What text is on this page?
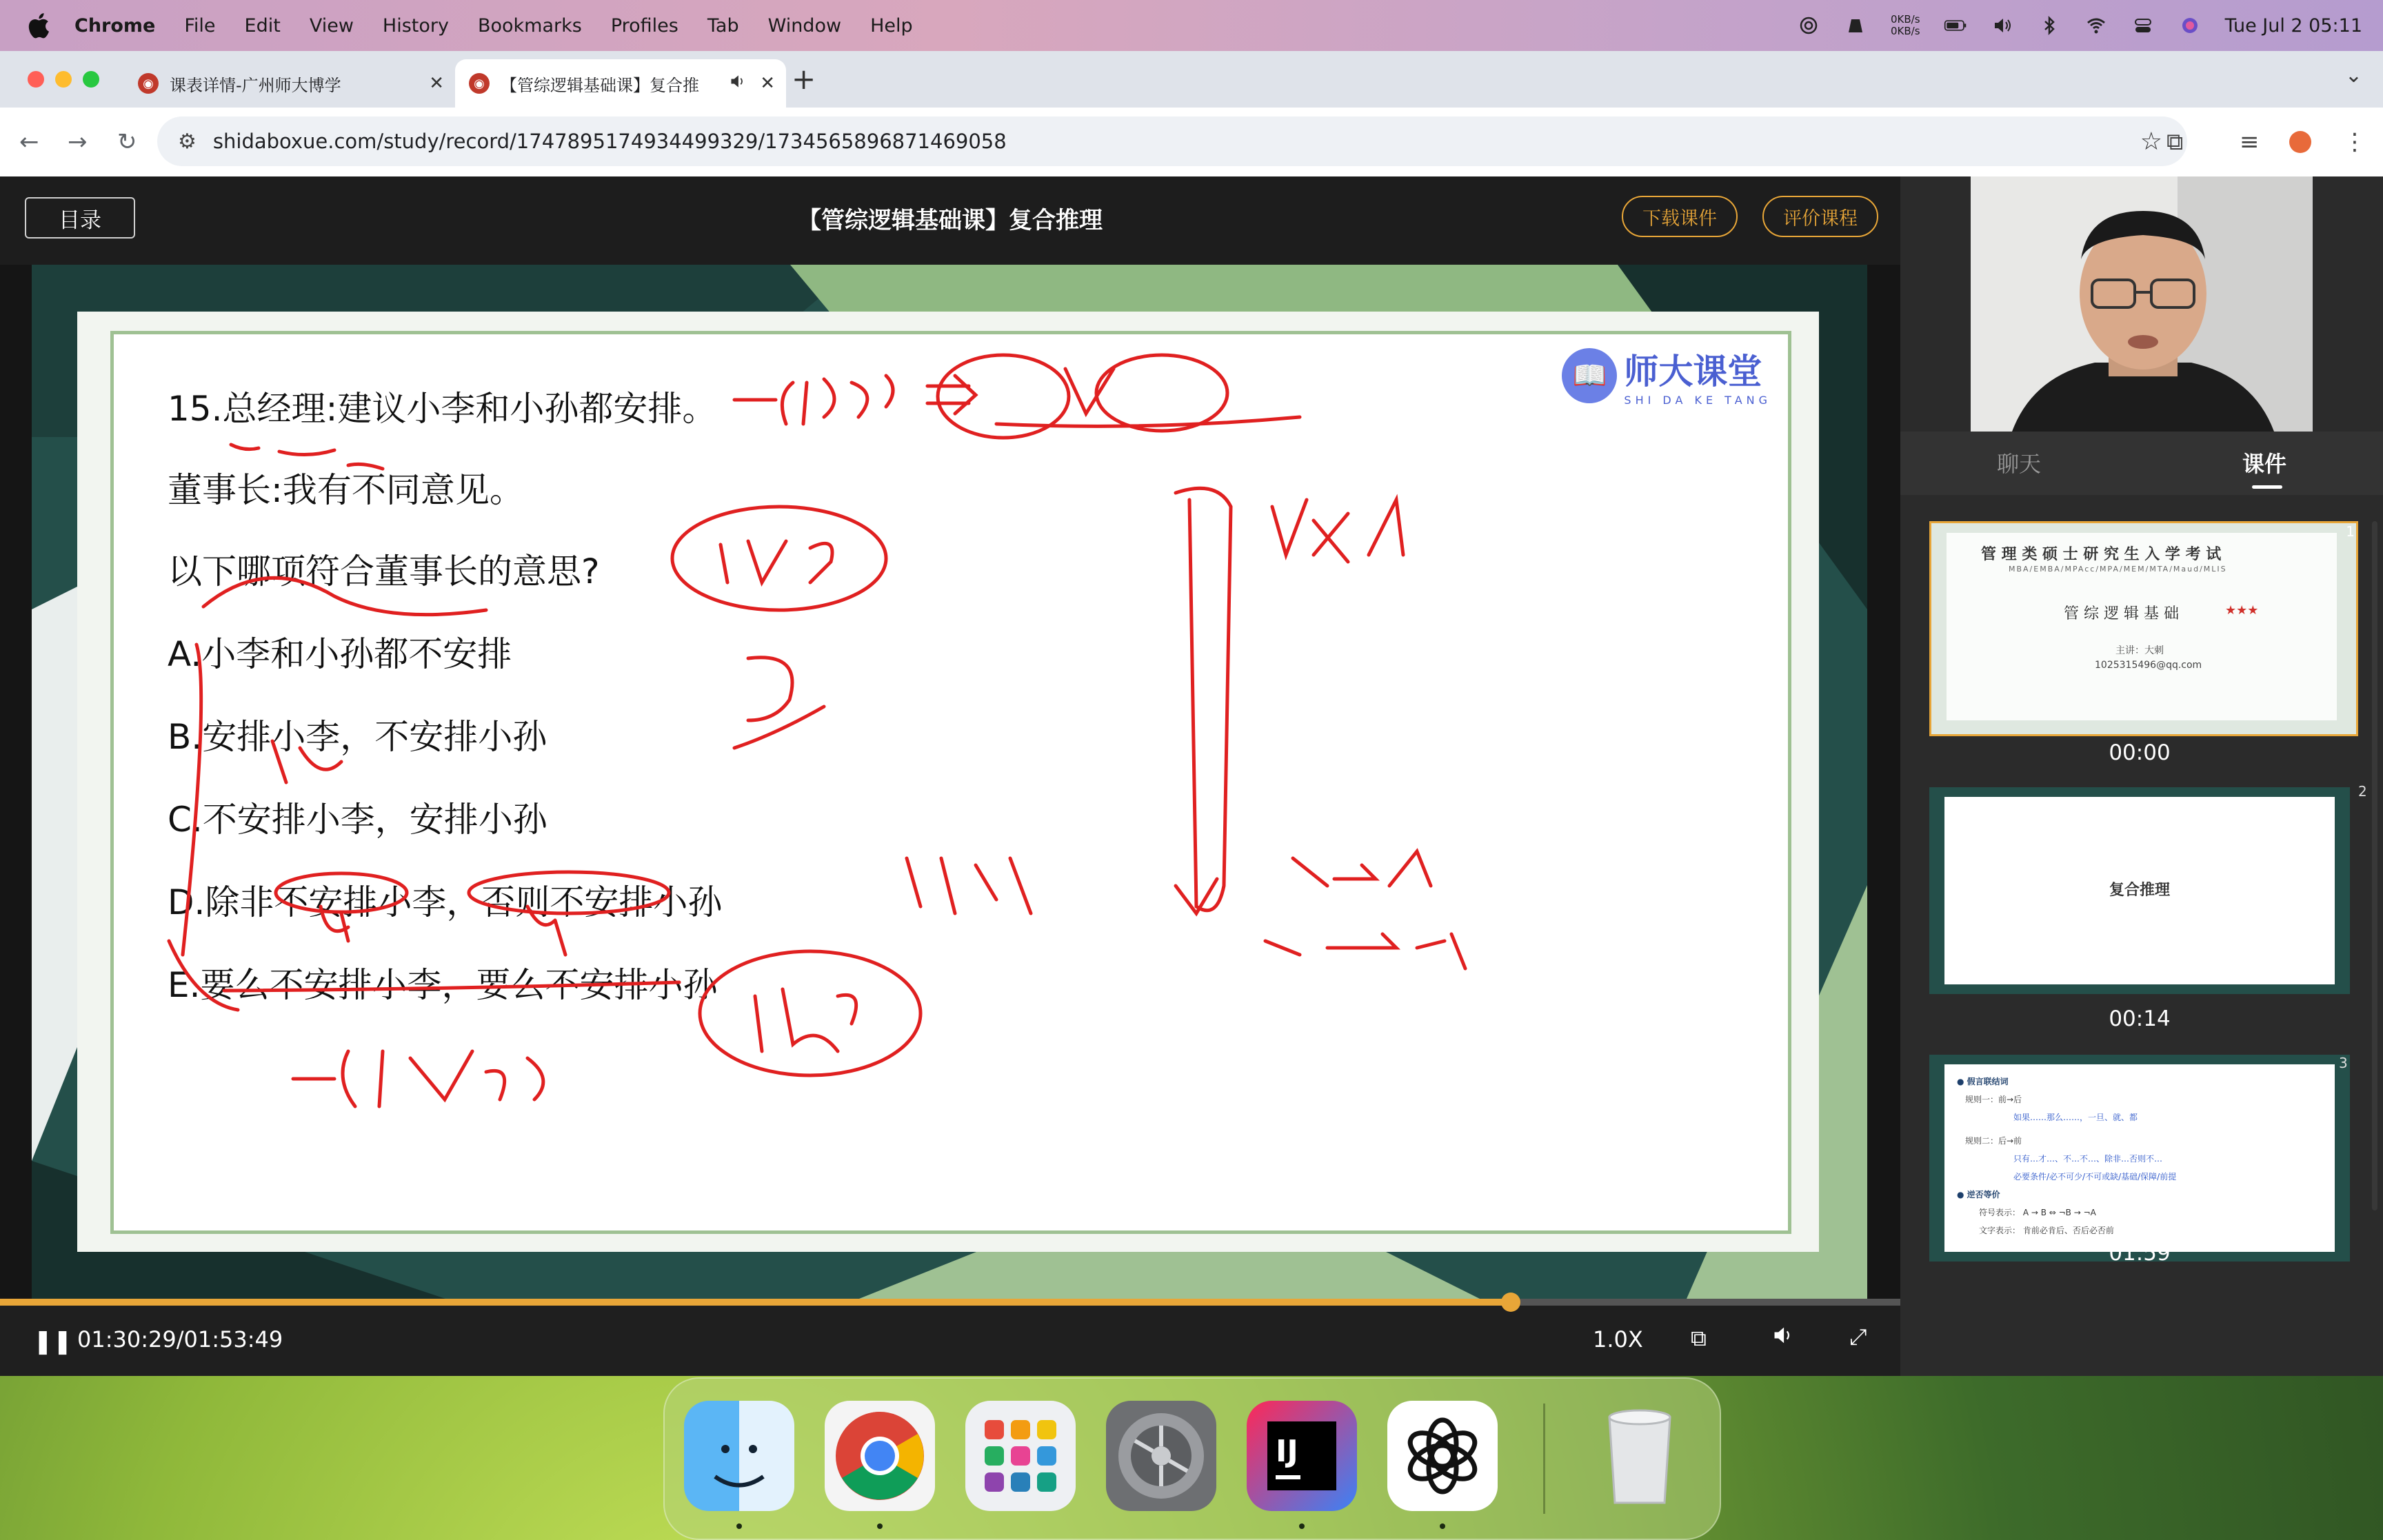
Chrome File Edit View History Bookmarks Profiles Tab Window Help	0KB/s
0KB/s	Tue Jul 2 05:11
◉ 课表详情-广州师大博学	✕	◉ 【管综逻辑基础课】复合推	✕ +	⌄
← → ↻ ⚙ shidaboxue.com/study/record/1747895174934499329/1734565896871469058	☆ ⧉ ≡	⋮
目录	【管综逻辑基础课】复合推理	下载课件	评价课程
15.总经理:建议小李和小孙都安排。
董事长:我有不同意见。
以下哪项符合董事长的意思?
A.小李和小孙都不安排
B.安排小李，不安排小孙
C.不安排小李，安排小孙
D.除非不安排小李，否则不安排小孙
E.要么不安排小李，要么不安排小孙
📖 师大课堂
SHI DA KE TANG
❚❚ 01:30:29/01:53:49	1.0X ⧉	⤢
聊天	课件
管 理 类 硕 士 研 究 生 入 学 考 试
MBA/EMBA/MPAcc/MPA/MEM/MTA/Maud/MLIS
管 综 逻 辑 基 础	★★★
主讲：大刺
1025315496@qq.com
1
00:00
复合推理
2
00:14
● 假言联结词
规则一：前→后
如果……那么……，一旦、就、都
规则二：后→前
只有…才…、不…不…、除非…否则不…
必要条件/必不可少/不可或缺/基础/保障/前提
● 逆否等价
符号表示： A → B ⇔ ¬B → ¬A
文字表示： 肯前必肯后、否后必否前
3
01:59
IJ
